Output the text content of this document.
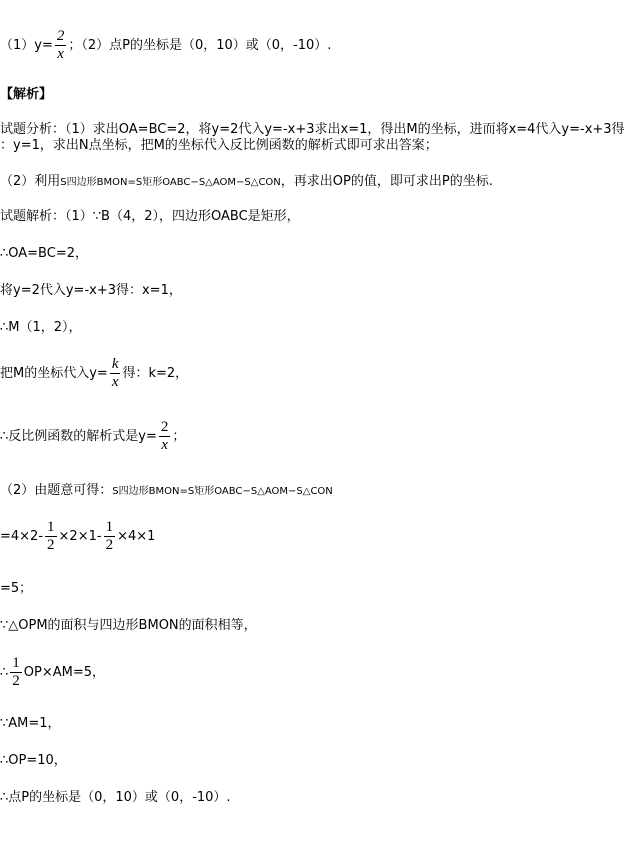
$(1)y= \frac{2}{x}$ ；（2）点P的坐标是（0，10）或（0，-10）.
【解析】
试题分析：（1）求出OA=BC=2，将y=2代入y=-x+3求出x=1，得出M的坐标，进而将x=4代入y=-x+3得
：y=1，求出N点坐标，把M的坐标代入反比例函数的解析式即可求出答案；
（2）利用S四边形BMON=S矩形OABC−S△AOM−S△CON，再求出OP的值，即可求出P的坐标.
试题解析：（1）∵B（4，2），四边形OABC是矩形，
∴OA=BC=2，
将y=2代入y=-x+3得：x=1，
∴M（1，2），
把M的坐标代入$y= \frac{k}{x}$ 得：k=2，
∴反比例函数的解析式是$y= \frac{2}{x}$ ；
（2）由题意可得：S四边形BMON=S矩形OABC−S△AOM−S△CON
$=4\times 2- \frac{1}{2} \times 2\times 1- \frac{1}{2} \times 4\times 1$
=5；
∵△OPM的面积与四边形BMON的面积相等，
∴ $\frac{1}{2} OP\times AM=5$，
∵AM=1，
∴OP=10，
∴点P的坐标是（0，10）或（0，-10）.
